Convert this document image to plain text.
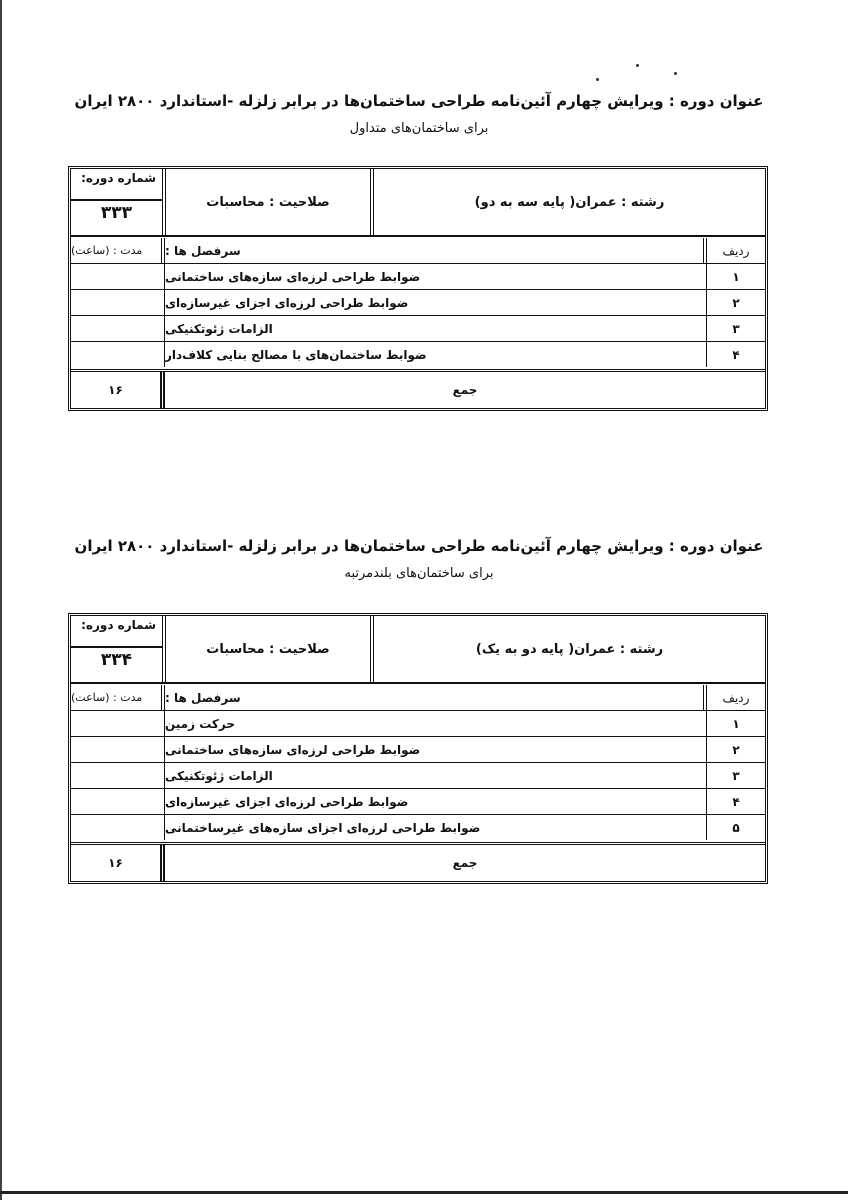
عنوان دوره : ویرایش چهارم آئین‌نامه طراحی ساختمان‌ها در برابر زلزله -استاندارد ۲۸۰۰ ایران
برای ساختمان‌های متداول
شماره دوره:
۳۳۳
صلاحیت : محاسبات	رشته : عمران( پایه سه به دو)
مدت : (ساعت)	سرفصل ها :	ردیف
ضوابط طراحی لرزه‌ای سازه‌های ساختمانی	۱
ضوابط طراحی لرزه‌ای اجزای غیرسازه‌ای	۲
الزامات ژئوتکنیکی	۳
ضوابط ساختمان‌های با مصالح بنایی کلاف‌دار	۴
۱۶	جمع
عنوان دوره : ویرایش چهارم آئین‌نامه طراحی ساختمان‌ها در برابر زلزله -استاندارد ۲۸۰۰ ایران
برای ساختمان‌های بلندمرتبه
شماره دوره:
۳۳۴
صلاحیت : محاسبات	رشته : عمران( پایه دو به یک)
مدت : (ساعت)	سرفصل ها :	ردیف
حرکت زمین	۱
ضوابط طراحی لرزه‌ای سازه‌های ساختمانی	۲
الزامات ژئوتکنیکی	۳
ضوابط طراحی لرزه‌ای اجزای غیرسازه‌ای	۴
ضوابط طراحی لرزه‌ای اجزای سازه‌های غیرساختمانی	۵
۱۶	جمع
